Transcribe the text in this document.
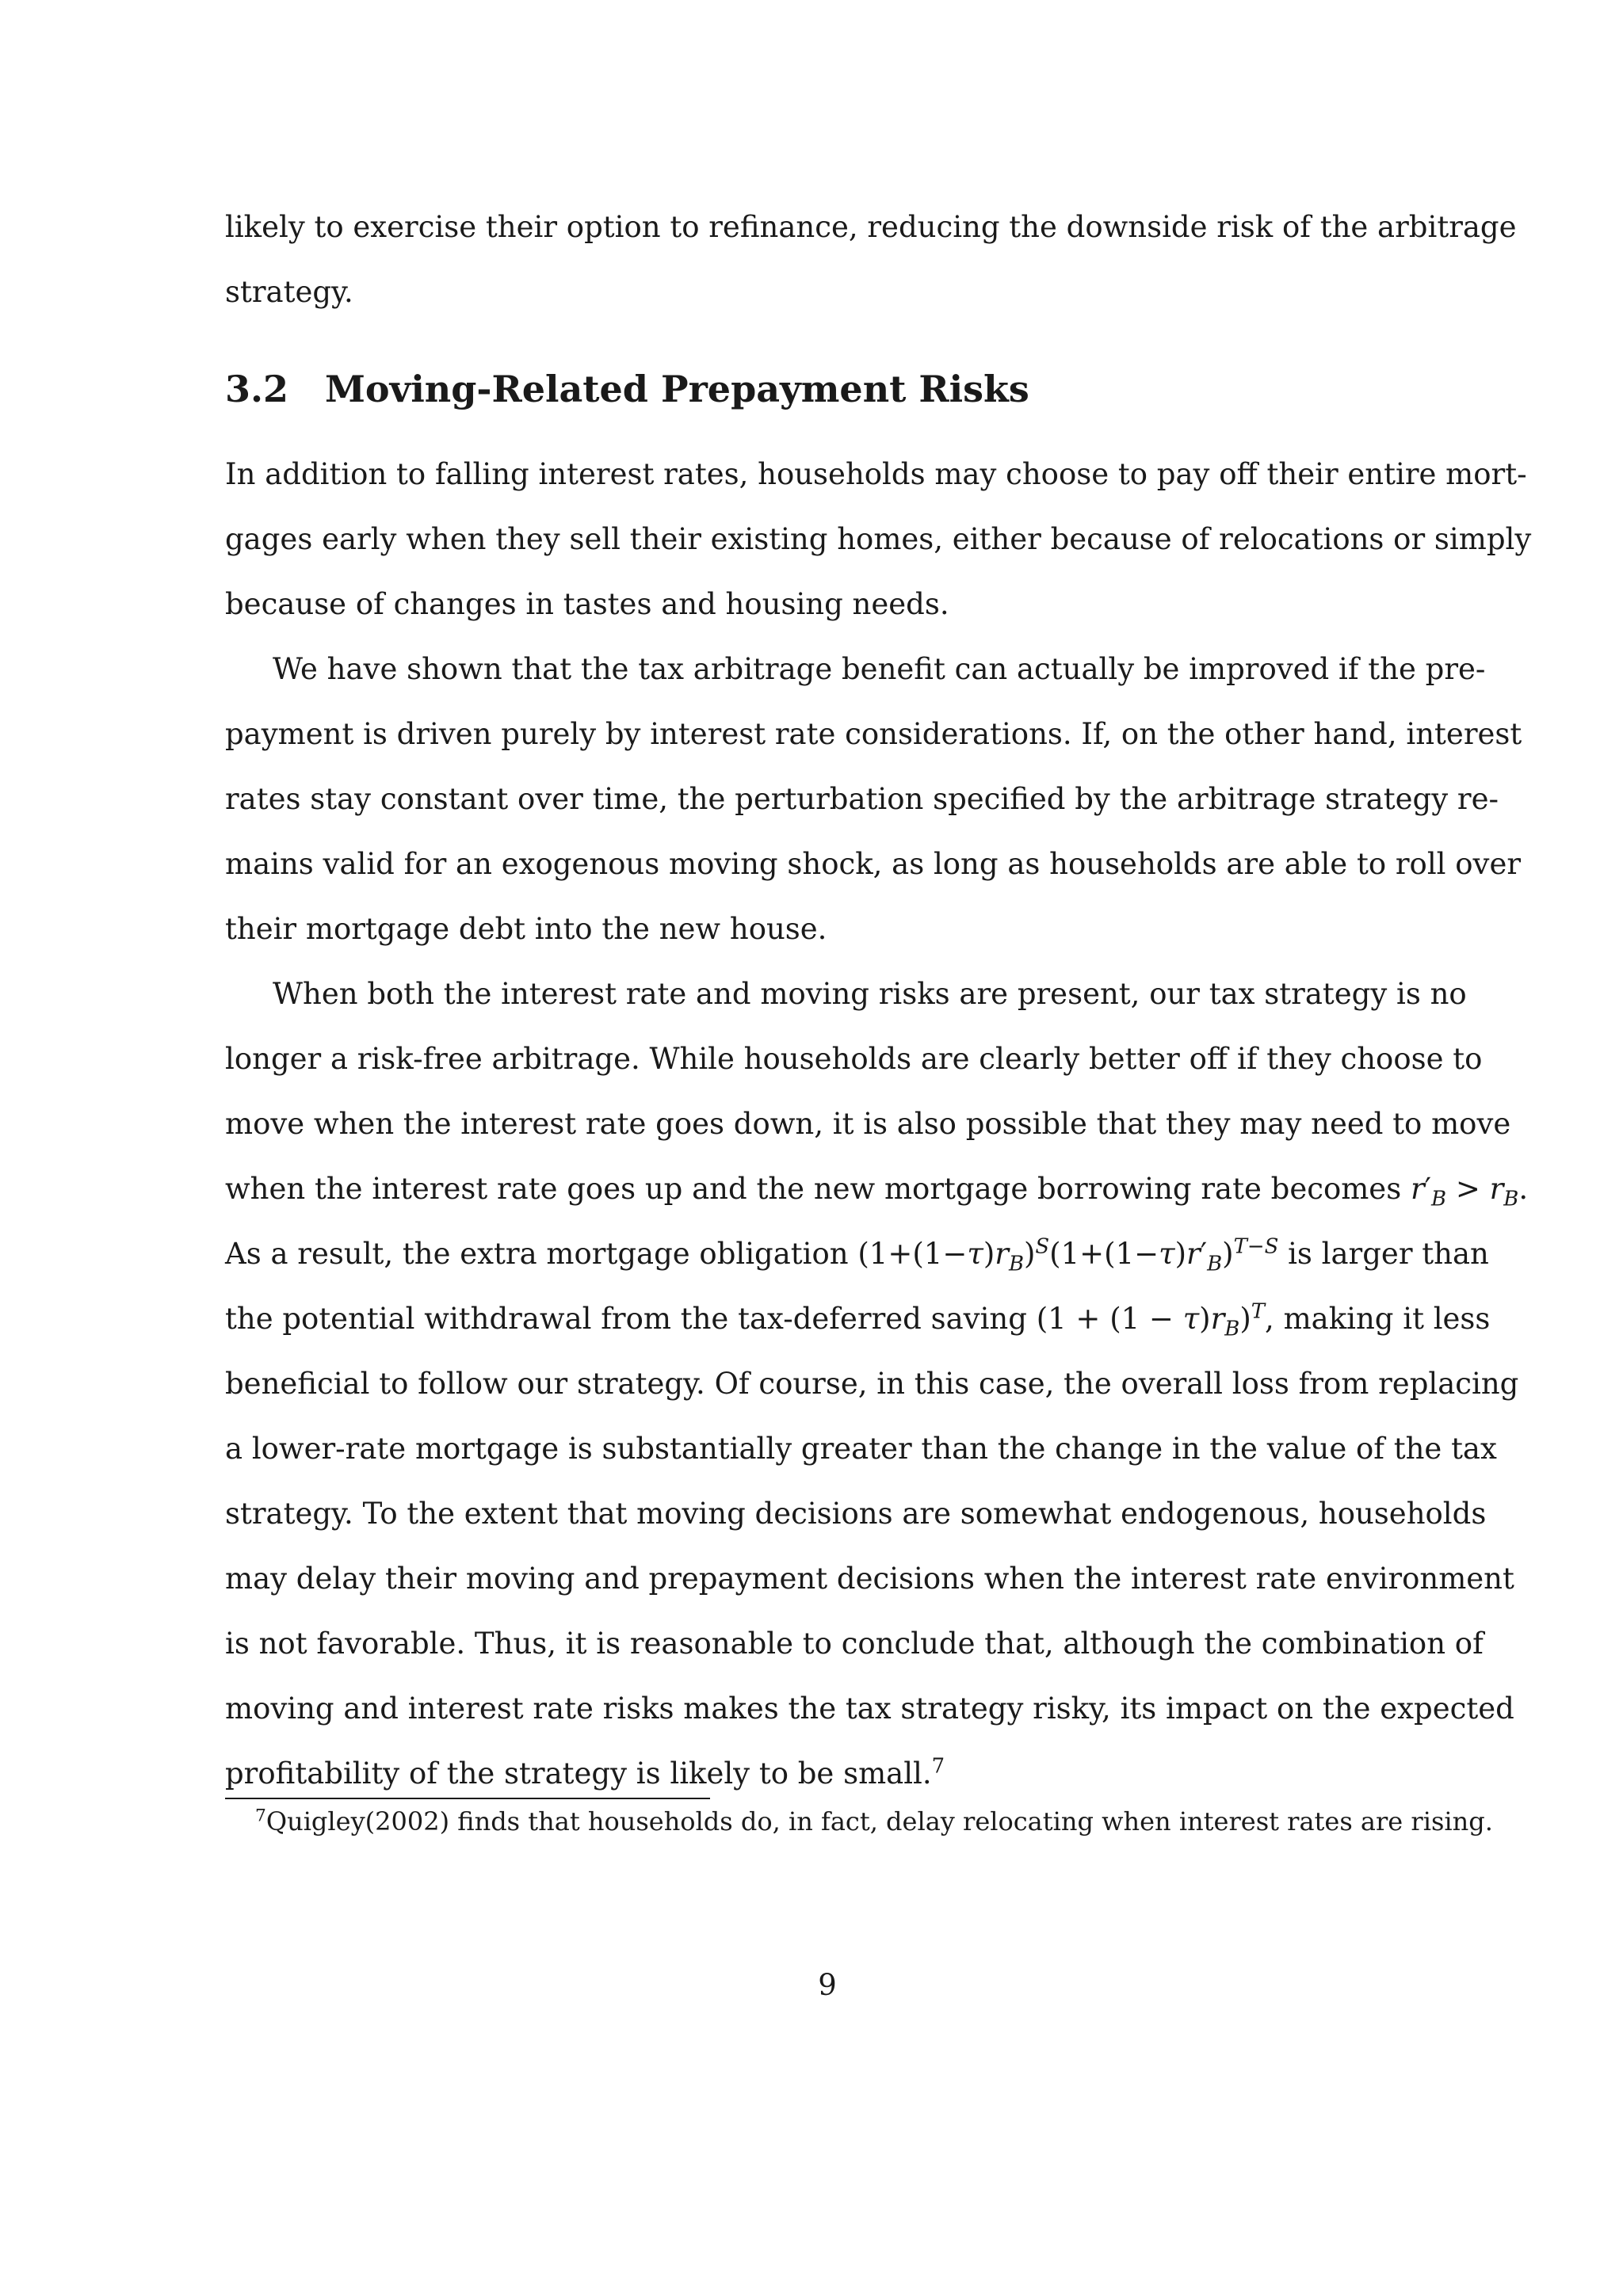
likely to exercise their option to refinance, reducing the downside risk of the arbitrage
strategy.
3.2 Moving-Related Prepayment Risks
In addition to falling interest rates, households may choose to pay off their entire mort-
gages early when they sell their existing homes, either because of relocations or simply
because of changes in tastes and housing needs.
We have shown that the tax arbitrage benefit can actually be improved if the pre-
payment is driven purely by interest rate considerations. If, on the other hand, interest
rates stay constant over time, the perturbation specified by the arbitrage strategy re-
mains valid for an exogenous moving shock, as long as households are able to roll over
their mortgage debt into the new house.
When both the interest rate and moving risks are present, our tax strategy is no
longer a risk-free arbitrage. While households are clearly better off if they choose to
move when the interest rate goes down, it is also possible that they may need to move
when the interest rate goes up and the new mortgage borrowing rate becomes $r'_B > r_B$.
As a result, the extra mortgage obligation $(1+(1-\tau)r_B)^S(1+(1-\tau)r'_B)^{T-S}$ is larger than
the potential withdrawal from the tax-deferred saving $(1 + (1 - \tau)r_B)^T$, making it less
beneficial to follow our strategy. Of course, in this case, the overall loss from replacing
a lower-rate mortgage is substantially greater than the change in the value of the tax
strategy. To the extent that moving decisions are somewhat endogenous, households
may delay their moving and prepayment decisions when the interest rate environment
is not favorable. Thus, it is reasonable to conclude that, although the combination of
moving and interest rate risks makes the tax strategy risky, its impact on the expected
profitability of the strategy is likely to be small.$^7$
$^7$Quigley(2002) finds that households do, in fact, delay relocating when interest rates are rising.
9
